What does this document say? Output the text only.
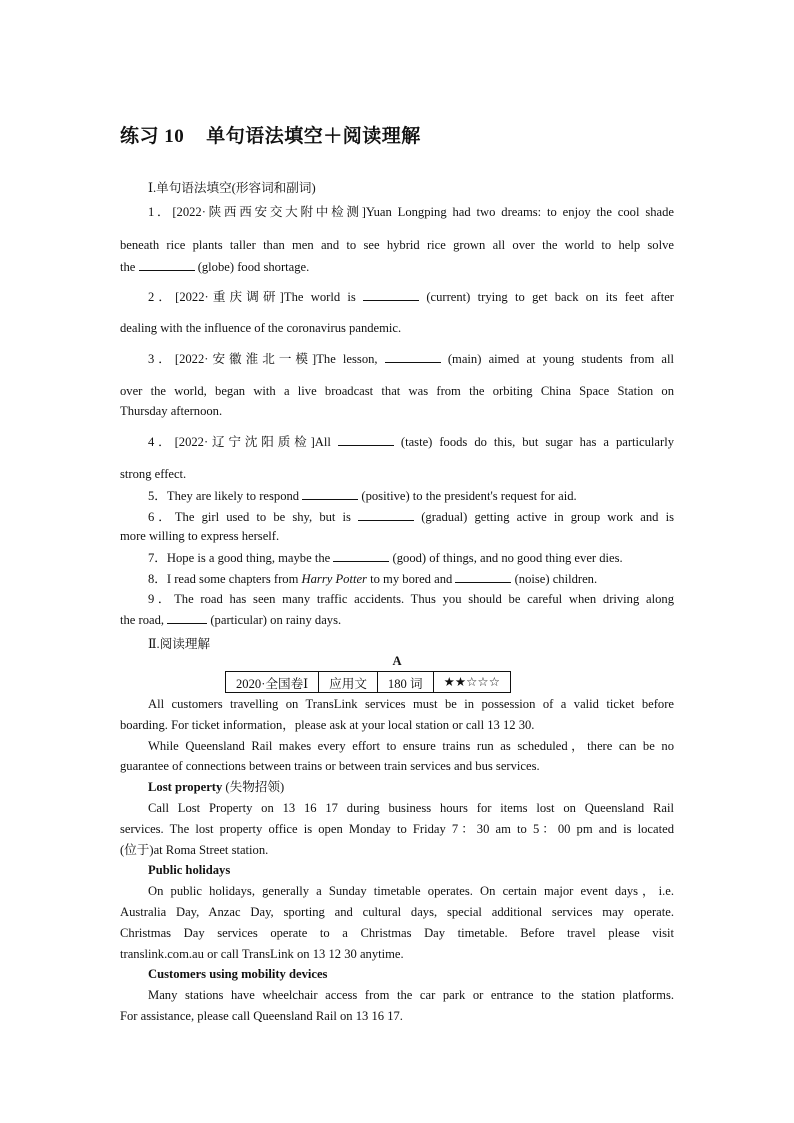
练习 10 单句语法填空＋阅读理解
Ⅰ.单句语法填空(形容词和副词)
1．[2022·陕西西安交大附中检测]Yuan Longping had two dreams: to enjoy the cool shade
beneath rice plants taller than men and to see hybrid rice grown all over the world to help solve
the	(globe) food shortage.
2．[2022·重庆调研]The world is	(current) trying to get back on its feet after
dealing with the influence of the coronavirus pandemic.
3．[2022·安徽淮北一模]The lesson,	(main) aimed at young students from all
over the world, began with a live broadcast that was from the orbiting China Space Station on
Thursday afternoon.
4．[2022·辽宁沈阳质检]All	(taste) foods do this, but sugar has a particularly
strong effect.
5．They are likely to respond	(positive) to the president's request for aid.
6．The girl used to be shy, but is	(gradual) getting active in group work and is
more willing to express herself.
7．Hope is a good thing, maybe the	(good) of things, and no good thing ever dies.
8．I read some chapters from Harry Potter to my bored and	(noise) children.
9．The road has seen many traffic accidents. Thus you should be careful when driving along
the road,	(particular) on rainy days.
Ⅱ.阅读理解
A
2020·全国卷Ⅰ	应用文	180 词	★★☆☆☆
All customers travelling on TransLink services must be in possession of a valid ticket before
boarding. For ticket information，please ask at your local station or call 13 12 30.
While Queensland Rail makes every effort to ensure trains run as scheduled，there can be no
guarantee of connections between trains or between train services and bus services.
Lost property (失物招领)
Call Lost Property on 13 16 17 during business hours for items lost on Queensland Rail
services. The lost property office is open Monday to Friday 7：30 am to 5：00 pm and is located
(位于)at Roma Street station.
Public holidays
On public holidays, generally a Sunday timetable operates. On certain major event days，i.e.
Australia Day, Anzac Day, sporting and cultural days, special additional services may operate.
Christmas Day services operate to a Christmas Day timetable. Before travel please visit
translink.com.au or call TransLink on 13 12 30 anytime.
Customers using mobility devices
Many stations have wheelchair access from the car park or entrance to the station platforms.
For assistance, please call Queensland Rail on 13 16 17.
